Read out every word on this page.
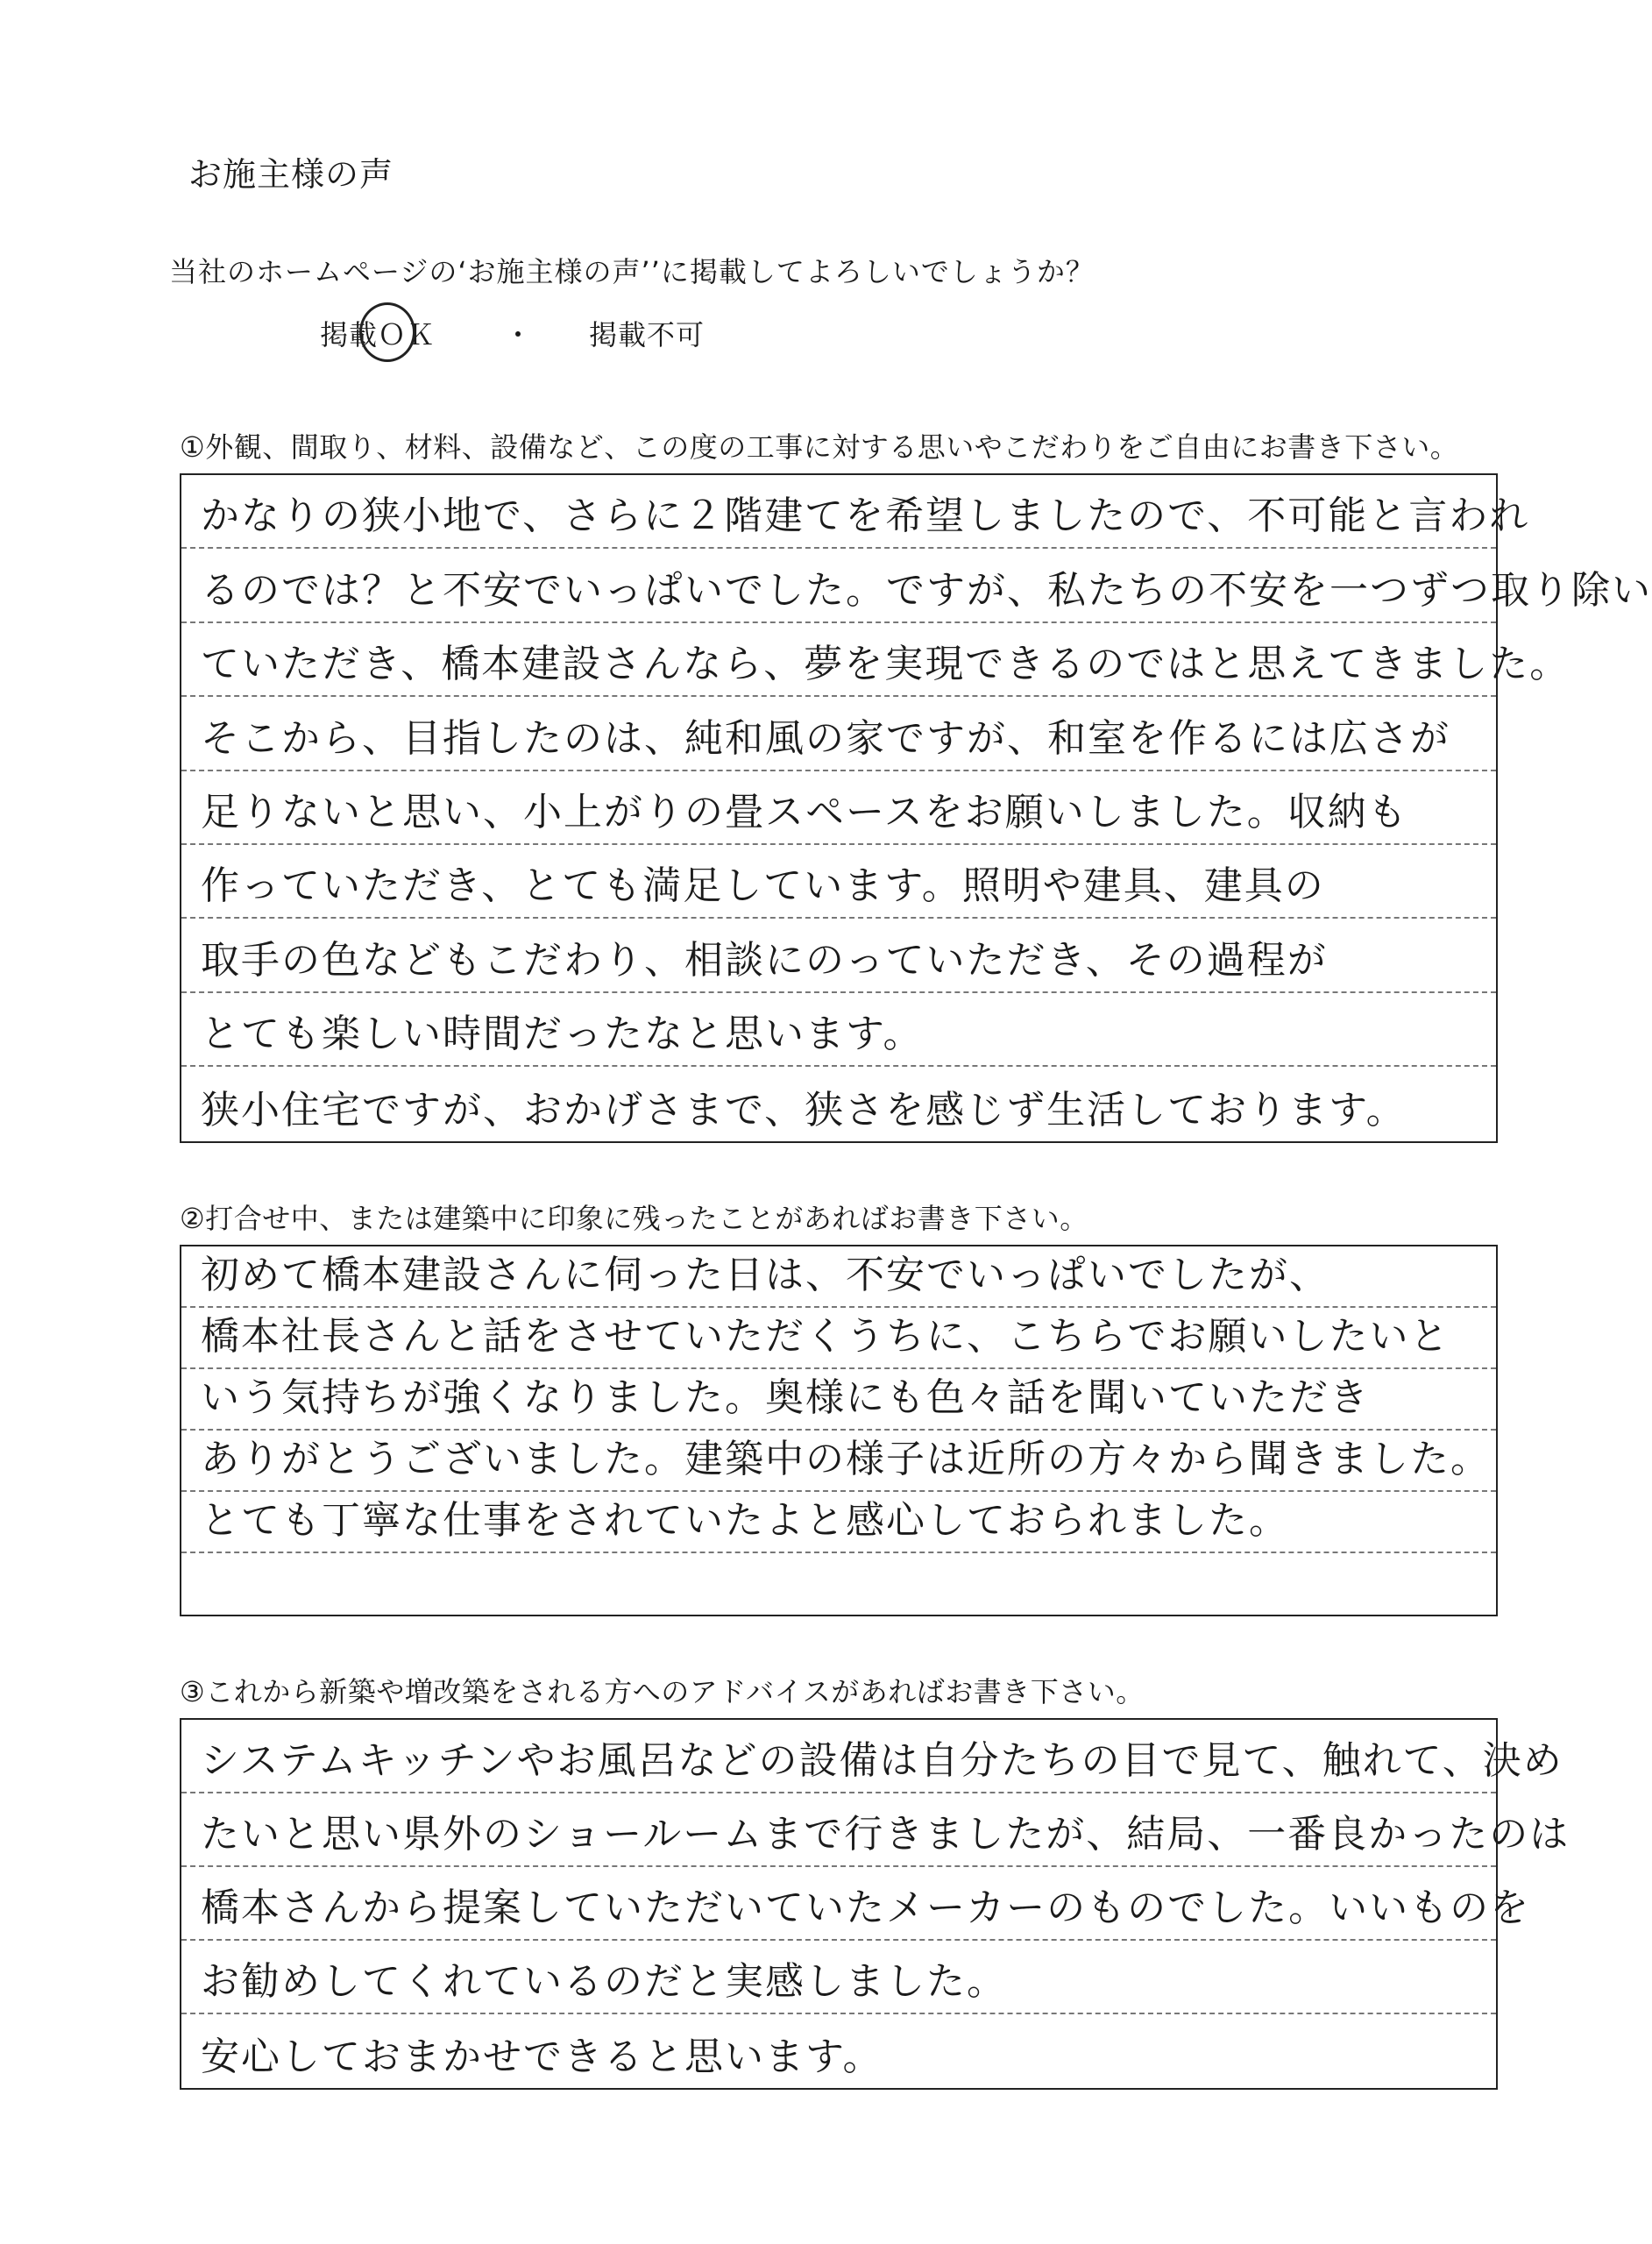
お施主様の声
当社のホームページの‘お施主様の声’’に掲載してよろしいでしょうか？
掲載ＯＫ ・ 掲載不可
①外観、間取り、材料、設備など、この度の工事に対する思いやこだわりをご自由にお書き下さい。
かなりの狭小地で、さらに２階建てを希望しましたので、不可能と言われ
るのでは？と不安でいっぱいでした。ですが、私たちの不安を一つずつ取り除い
ていただき、橋本建設さんなら、夢を実現できるのではと思えてきました。
そこから、目指したのは、純和風の家ですが、和室を作るには広さが
足りないと思い、小上がりの畳スペースをお願いしました。収納も
作っていただき、とても満足しています。照明や建具、建具の
取手の色などもこだわり、相談にのっていただき、その過程が
とても楽しい時間だったなと思います。
狭小住宅ですが、おかげさまで、狭さを感じず生活しております。
②打合せ中、または建築中に印象に残ったことがあればお書き下さい。
初めて橋本建設さんに伺った日は、不安でいっぱいでしたが、
橋本社長さんと話をさせていただくうちに、こちらでお願いしたいと
いう気持ちが強くなりました。奥様にも色々話を聞いていただき
ありがとうございました。建築中の様子は近所の方々から聞きました。
とても丁寧な仕事をされていたよと感心しておられました。
③これから新築や増改築をされる方へのアドバイスがあればお書き下さい。
システムキッチンやお風呂などの設備は自分たちの目で見て、触れて、決め
たいと思い県外のショールームまで行きましたが、結局、一番良かったのは
橋本さんから提案していただいていたメーカーのものでした。いいものを
お勧めしてくれているのだと実感しました。
安心しておまかせできると思います。
